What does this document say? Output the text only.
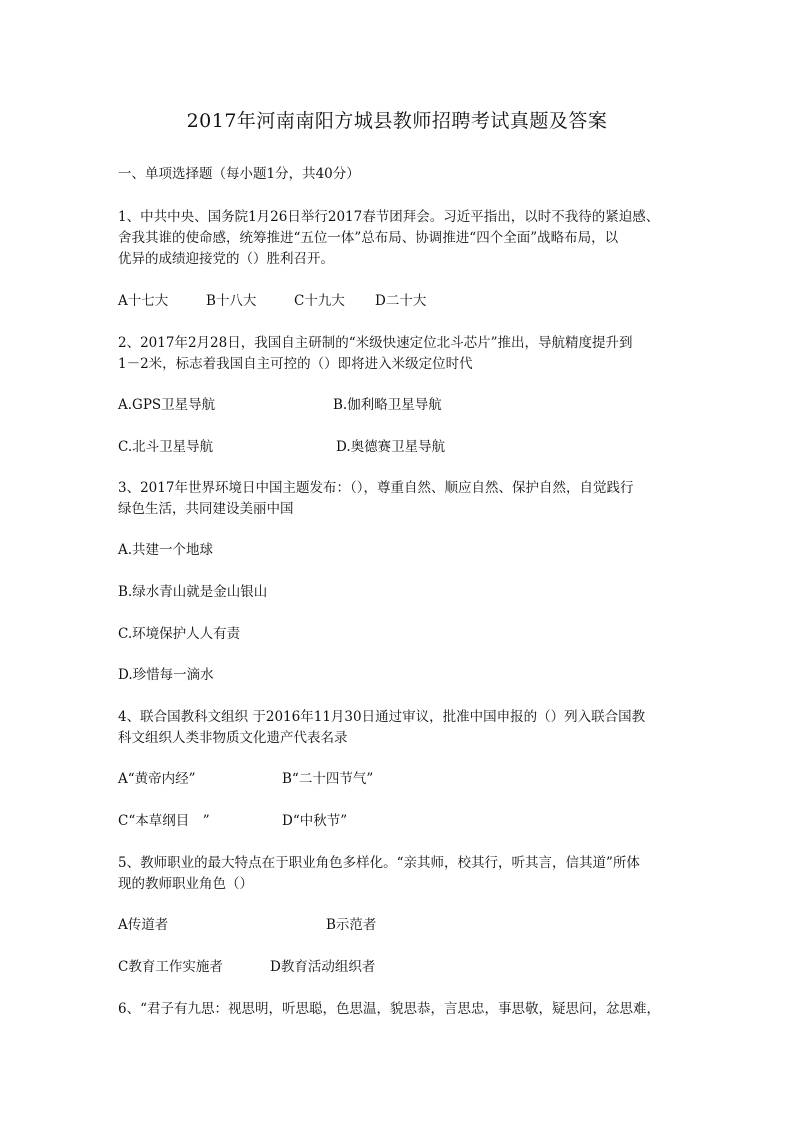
2017年河南南阳方城县教师招聘考试真题及答案
一、单项选择题（每小题1分，共40分）
1、中共中央、国务院1月26日举行2017春节团拜会。习近平指出，以时不我待的紧迫感、
舍我其谁的使命感，统筹推进“五位一体”总布局、协调推进“四个全面”战略布局，以
优异的成绩迎接党的（）胜利召开。
A十七大	B十八大	C十九大 D二十大
2、2017年2月28日，我国自主研制的“米级快速定位北斗芯片”推出，导航精度提升到
1－2米，标志着我国自主可控的（）即将进入米级定位时代
A.GPS卫星导航	B.伽利略卫星导航
C.北斗卫星导航	D.奥德赛卫星导航
3、2017年世界环境日中国主题发布：（），尊重自然、顺应自然、保护自然，自觉践行
绿色生活，共同建设美丽中国
A.共建一个地球
B.绿水青山就是金山银山
C.环境保护人人有责
D.珍惜每一滴水
4、联合国教科文组织 于2016年11月30日通过审议，批准中国申报的（）列入联合国教
科文组织人类非物质文化遗产代表名录
A“黄帝内经”	B“二十四节气”
C“本草纲目　”	D“中秋节”
5、教师职业的最大特点在于职业角色多样化。“亲其师，校其行，听其言，信其道”所体
现的教师职业角色（）
A传道者	B示范者
C教育工作实施者	D教育活动组织者
6、“君子有九思：视思明，听思聪，色思温，貌思恭，言思忠，事思敬，疑思问，忿思难，
